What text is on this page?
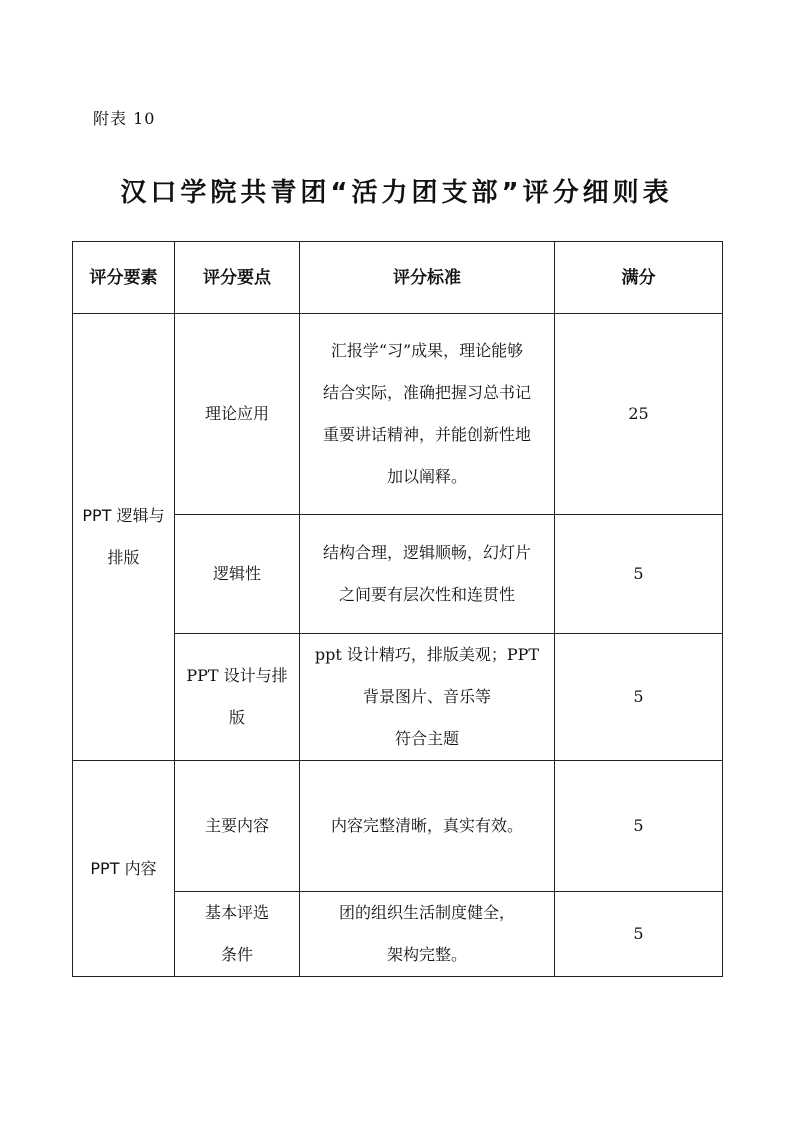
附表 10
汉口学院共青团“活力团支部”评分细则表
评分要素	评分要点	评分标准	满分

PPT 逻辑与
排版	理论应用	汇报学“习”成果，理论能够
结合实际，准确把握习总书记
重要讲话精神，并能创新性地
加以阐释。	25

	逻辑性	结构合理，逻辑顺畅，幻灯片
之间要有层次性和连贯性	5

	PPT 设计与排
版	ppt 设计精巧，排版美观；PPT
背景图片、音乐等
符合主题	5

PPT 内容	主要内容	内容完整清晰，真实有效。	5

	基本评选
条件	团的组织生活制度健全，
架构完整。	5
